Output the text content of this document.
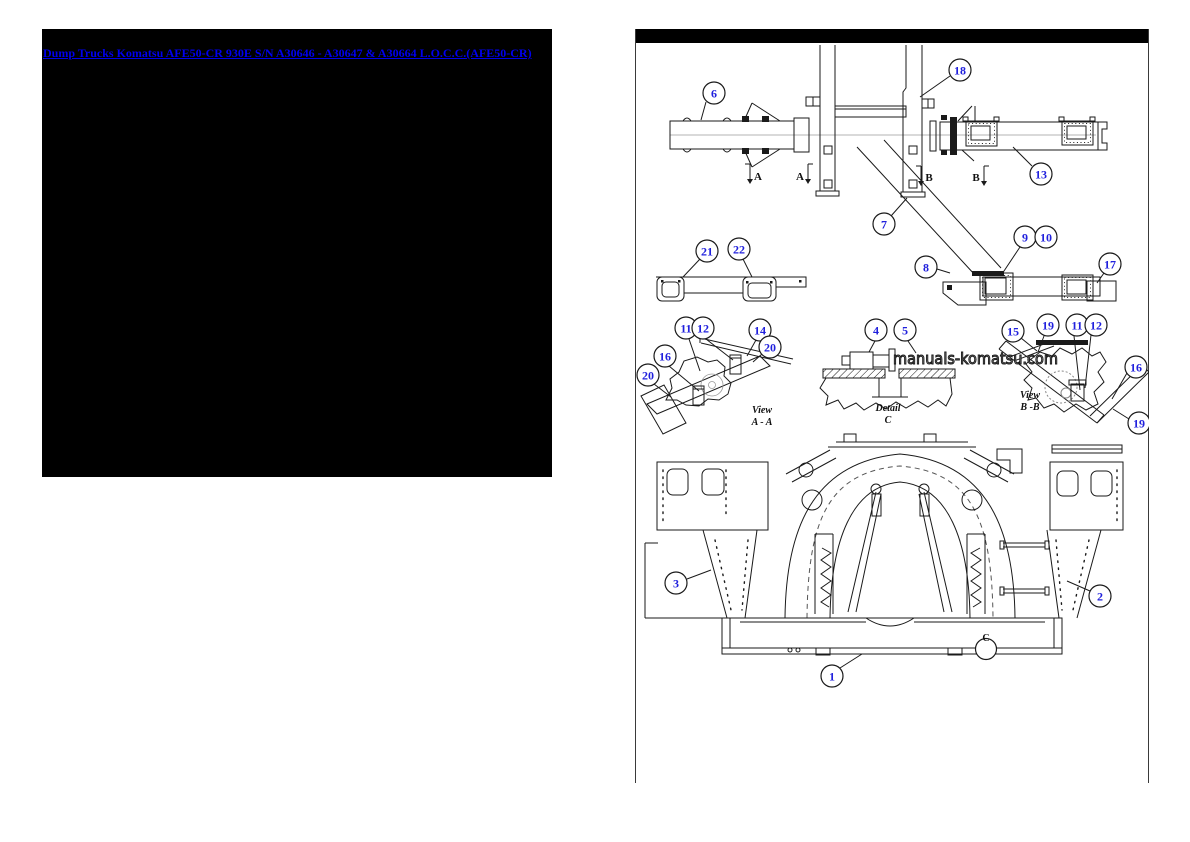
Dump Trucks Komatsu AFE50-CR 930E S/N A30646 - A30647 & A30664 L.O.C.C.(AFE50-CR)
manuals-komatsu.com
6
18
13
7
21 22
8
9 10
17
11 12	14
20
16
20
4 5	15 19 11 12
16
19
3
2
1
A	A	B	B
View
A - A
Detail
C
View
B -B
C
